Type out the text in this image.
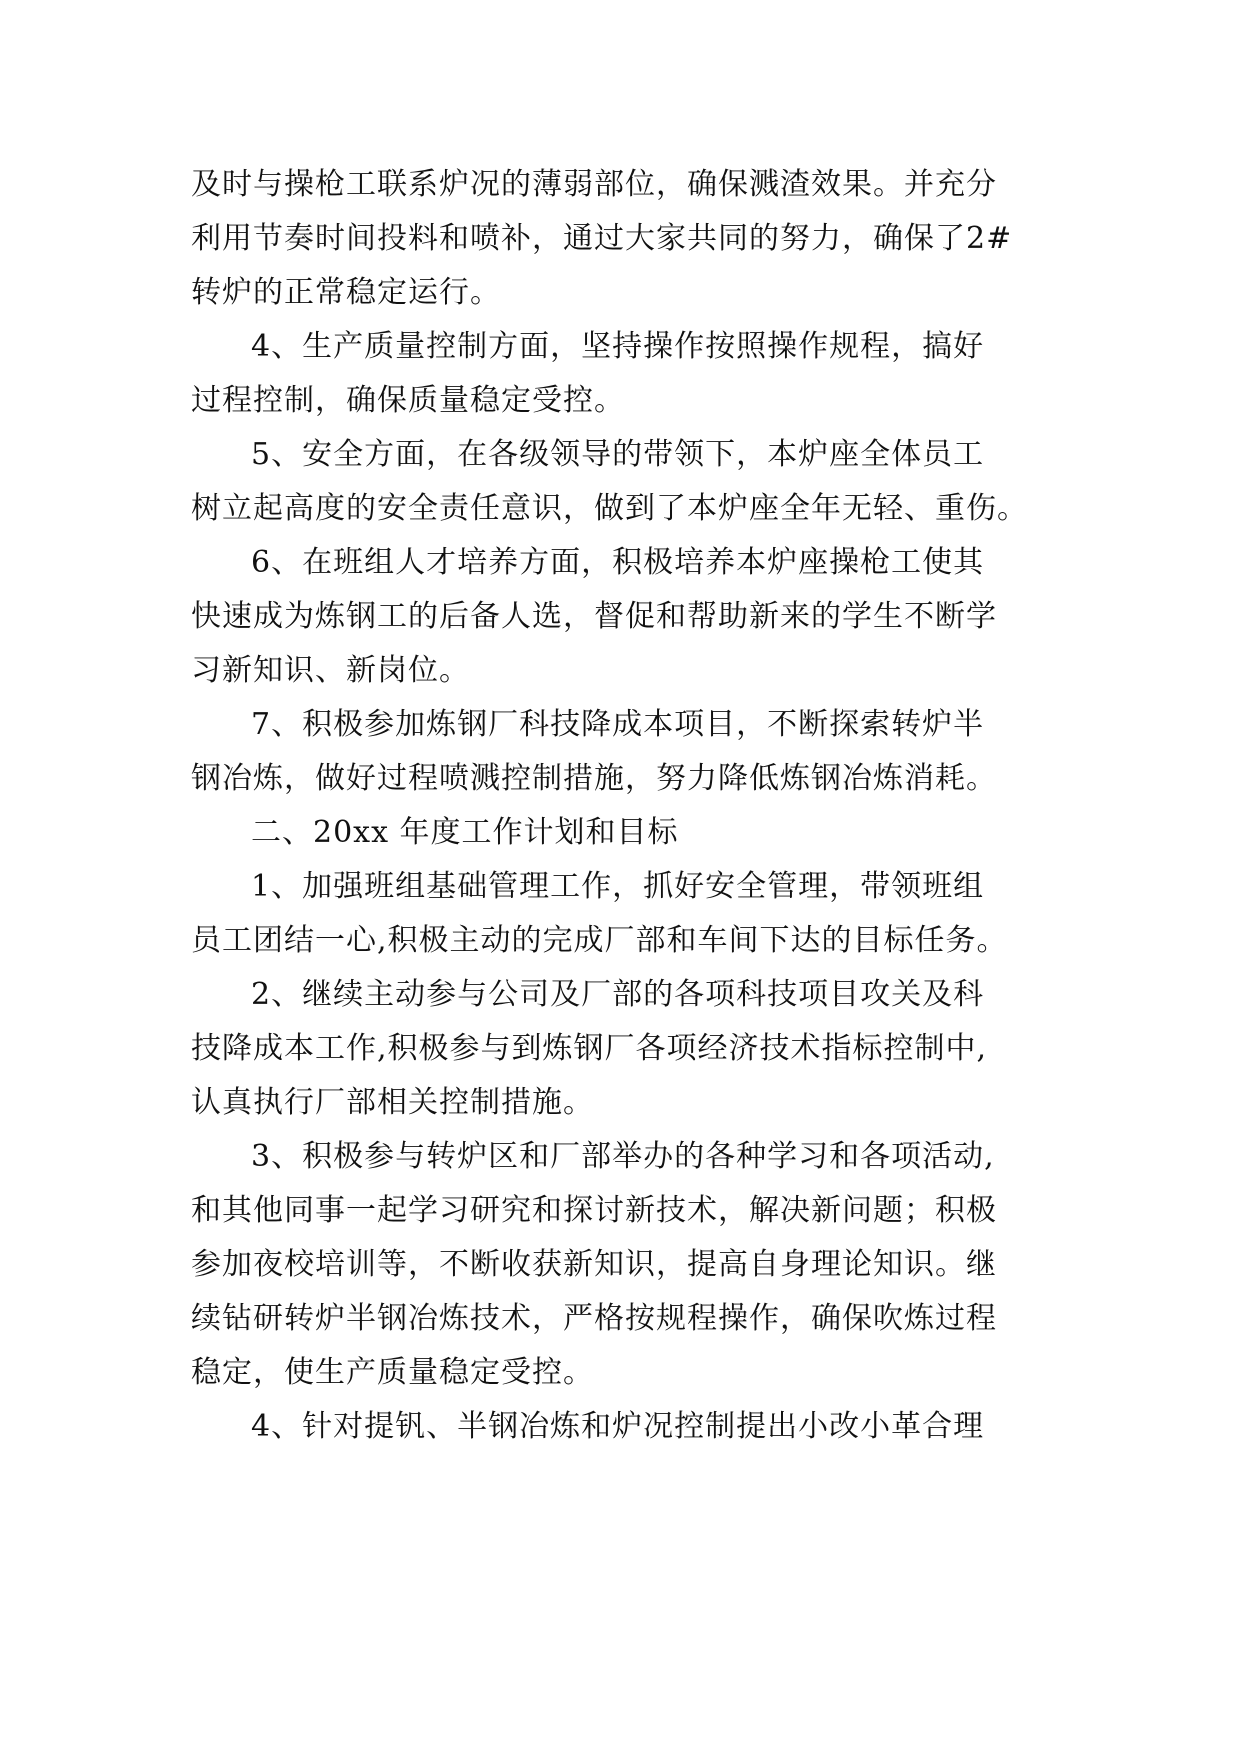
及时与操枪工联系炉况的薄弱部位，确保溅渣效果。并充分
利用节奏时间投料和喷补，通过大家共同的努力，确保了2#
转炉的正常稳定运行。
4、生产质量控制方面，坚持操作按照操作规程，搞好
过程控制，确保质量稳定受控。
5、安全方面，在各级领导的带领下，本炉座全体员工
树立起高度的安全责任意识，做到了本炉座全年无轻、重伤。
6、在班组人才培养方面，积极培养本炉座操枪工使其
快速成为炼钢工的后备人选，督促和帮助新来的学生不断学
习新知识、新岗位。
7、积极参加炼钢厂科技降成本项目，不断探索转炉半
钢冶炼，做好过程喷溅控制措施，努力降低炼钢冶炼消耗。
二、20xx 年度工作计划和目标
1、加强班组基础管理工作，抓好安全管理，带领班组
员工团结一心,积极主动的完成厂部和车间下达的目标任务。
2、继续主动参与公司及厂部的各项科技项目攻关及科
技降成本工作,积极参与到炼钢厂各项经济技术指标控制中,
认真执行厂部相关控制措施。
3、积极参与转炉区和厂部举办的各种学习和各项活动,
和其他同事一起学习研究和探讨新技术，解决新问题；积极
参加夜校培训等，不断收获新知识，提高自身理论知识。继
续钻研转炉半钢冶炼技术，严格按规程操作，确保吹炼过程
稳定，使生产质量稳定受控。
4、针对提钒、半钢冶炼和炉况控制提出小改小革合理
